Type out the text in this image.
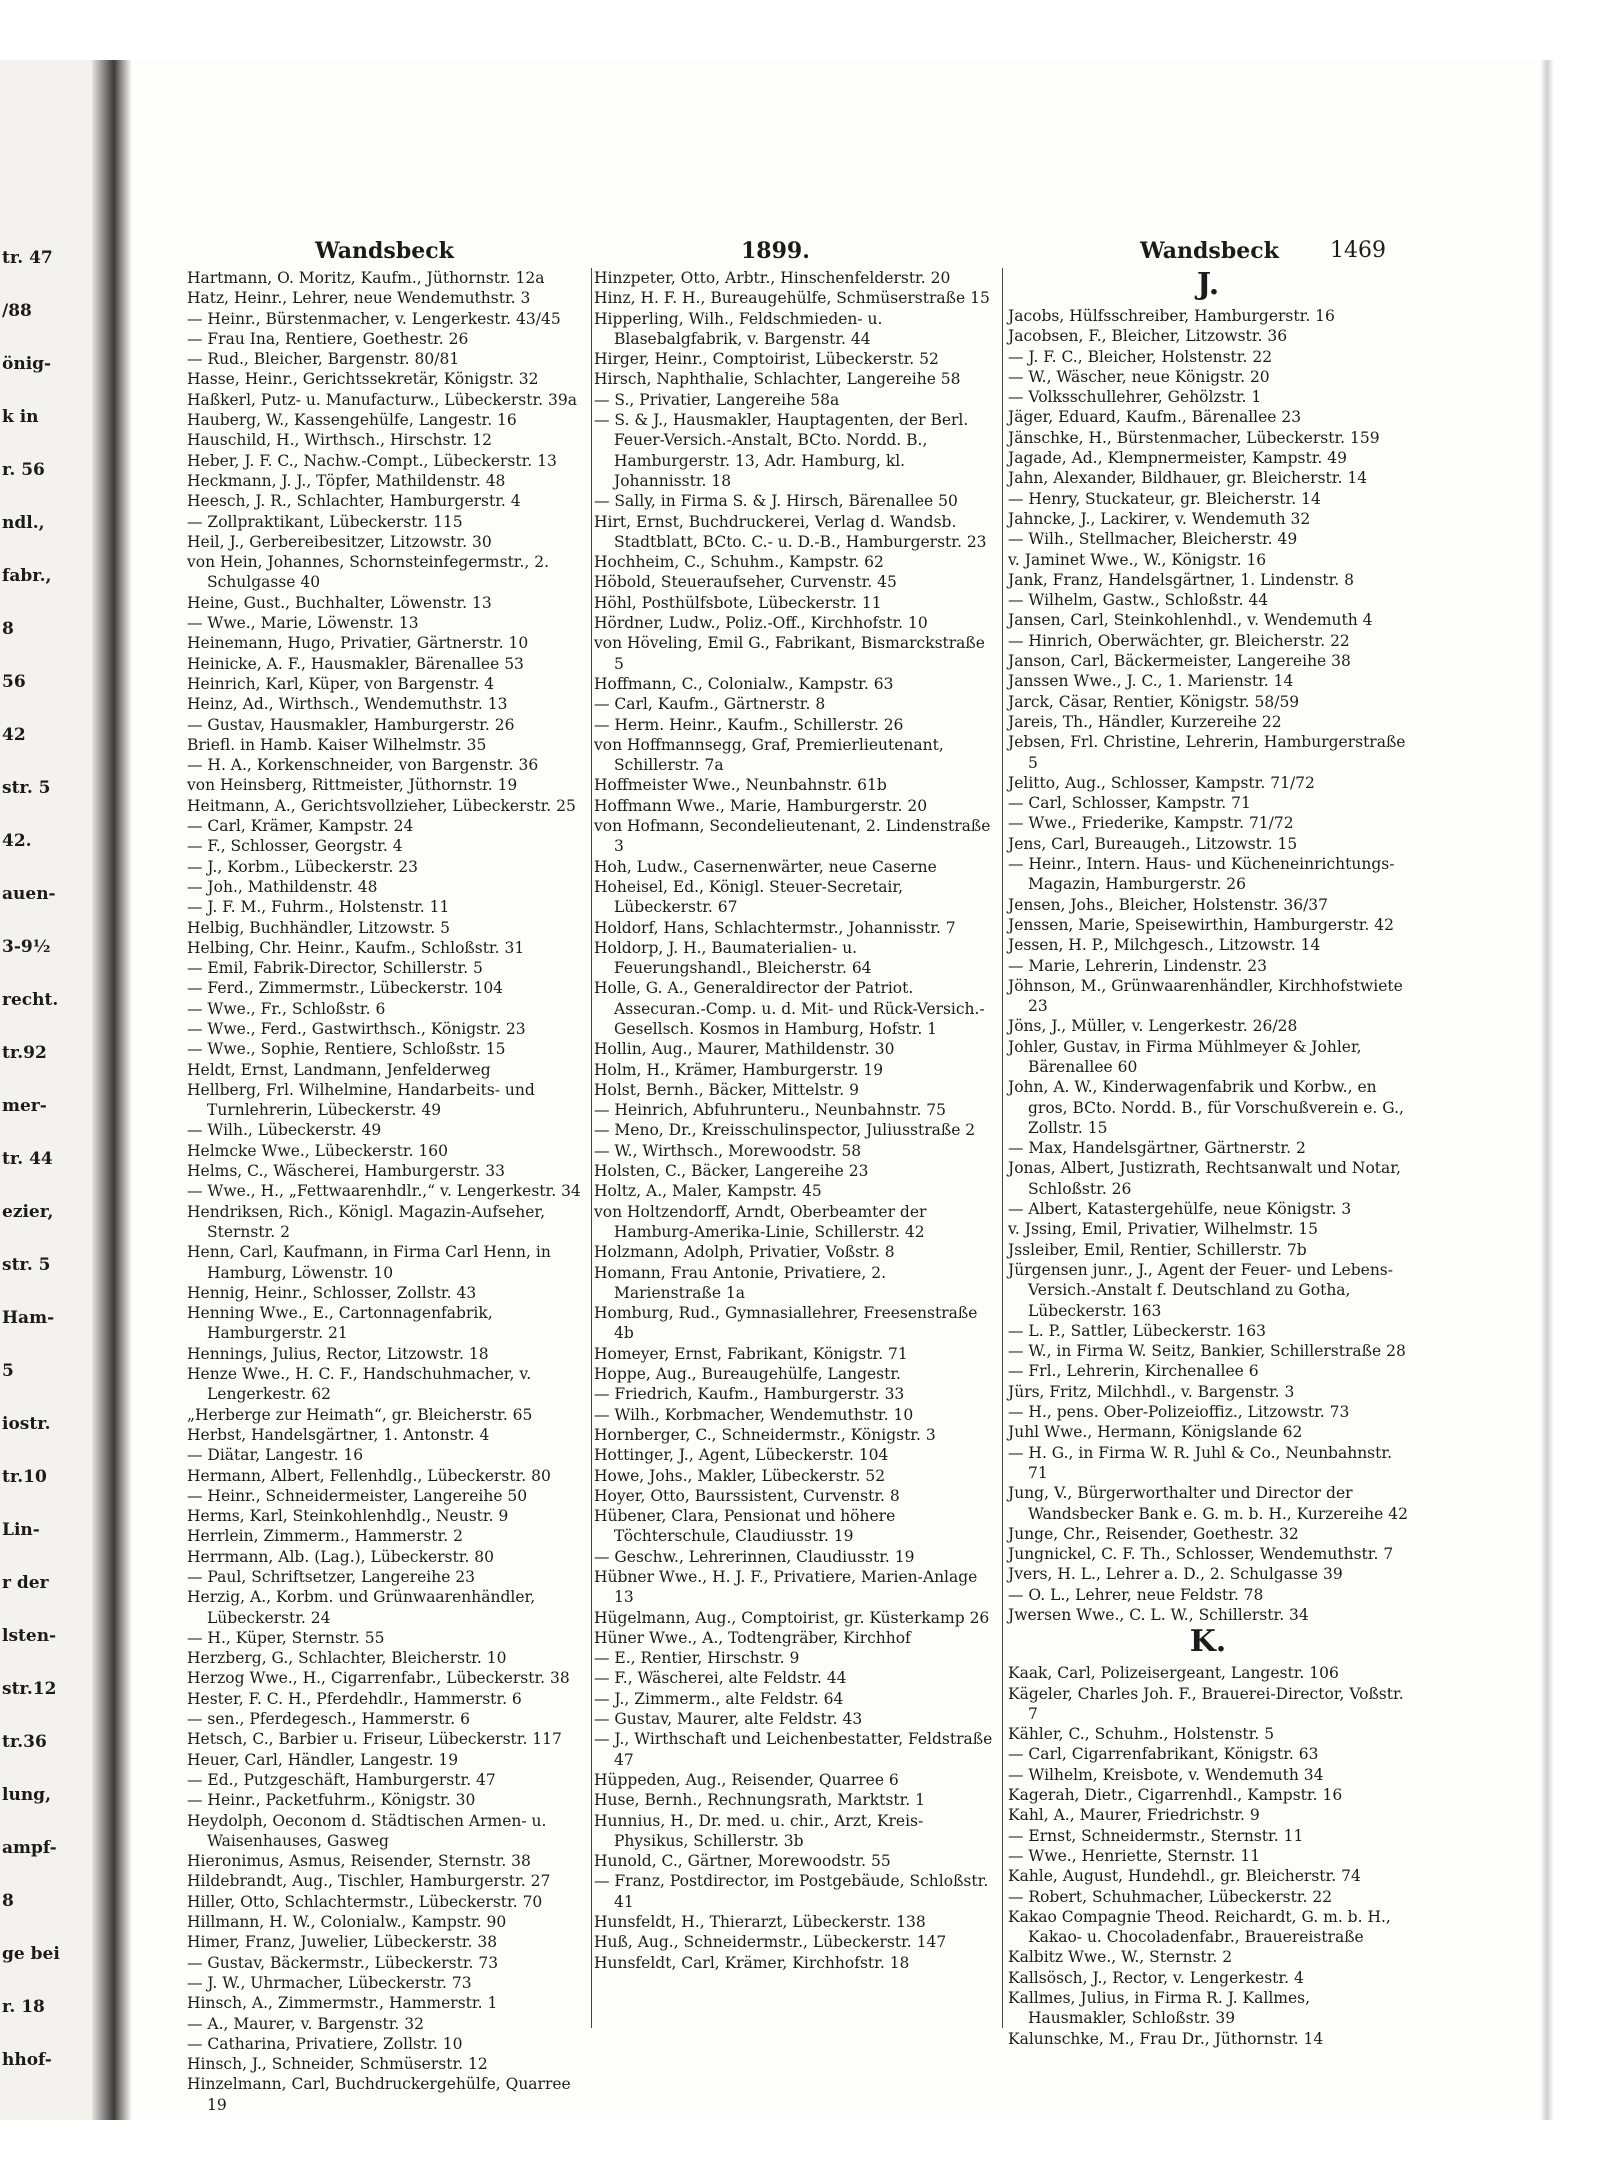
tr. 47
/88
önig-
k in
r. 56
ndl.,
fabr.,
8
56
42
str. 5
42.
auen-
3-9½
recht.
tr.92
mer-
tr. 44
ezier,
str. 5
Ham-
5
iostr.
tr.10
Lin-
r der
lsten-
str.12
tr.36
lung,
ampf-
8
ge bei
r. 18
hhof-
Wandsbeck	1899.	Wandsbeck 1469

Hartmann, O. Moritz, Kaufm., Jüthornstr. 12a

Hatz, Heinr., Lehrer, neue Wendemuthstr. 3

— Heinr., Bürstenmacher, v. Lengerkestr. 43/45

— Frau Ina, Rentiere, Goethestr. 26

— Rud., Bleicher, Bargenstr. 80/81

Hasse, Heinr., Gerichtssekretär, Königstr. 32

Haßkerl, Putz- u. Manufacturw., Lübeckerstr. 39a

Hauberg, W., Kassengehülfe, Langestr. 16

Hauschild, H., Wirthsch., Hirschstr. 12

Heber, J. F. C., Nachw.-Compt., Lübeckerstr. 13

Heckmann, J. J., Töpfer, Mathildenstr. 48

Heesch, J. R., Schlachter, Hamburgerstr. 4

— Zollpraktikant, Lübeckerstr. 115

Heil, J., Gerbereibesitzer, Litzowstr. 30

von Hein, Johannes, Schornsteinfegermstr., 2. Schulgasse 40

Heine, Gust., Buchhalter, Löwenstr. 13

— Wwe., Marie, Löwenstr. 13

Heinemann, Hugo, Privatier, Gärtnerstr. 10

Heinicke, A. F., Hausmakler, Bärenallee 53

Heinrich, Karl, Küper, von Bargenstr. 4

Heinz, Ad., Wirthsch., Wendemuthstr. 13

— Gustav, Hausmakler, Hamburgerstr. 26

Briefl. in Hamb. Kaiser Wilhelmstr. 35

— H. A., Korkenschneider, von Bargenstr. 36

von Heinsberg, Rittmeister, Jüthornstr. 19

Heitmann, A., Gerichtsvollzieher, Lübeckerstr. 25

— Carl, Krämer, Kampstr. 24

— F., Schlosser, Georgstr. 4

— J., Korbm., Lübeckerstr. 23

— Joh., Mathildenstr. 48

— J. F. M., Fuhrm., Holstenstr. 11

Helbig, Buchhändler, Litzowstr. 5

Helbing, Chr. Heinr., Kaufm., Schloßstr. 31

— Emil, Fabrik-Director, Schillerstr. 5

— Ferd., Zimmermstr., Lübeckerstr. 104

— Wwe., Fr., Schloßstr. 6

— Wwe., Ferd., Gastwirthsch., Königstr. 23

— Wwe., Sophie, Rentiere, Schloßstr. 15

Heldt, Ernst, Landmann, Jenfelderweg

Hellberg, Frl. Wilhelmine, Handarbeits- und Turnlehrerin, Lübeckerstr. 49

— Wilh., Lübeckerstr. 49

Helmcke Wwe., Lübeckerstr. 160

Helms, C., Wäscherei, Hamburgerstr. 33

— Wwe., H., „Fettwaarenhdlr.,“ v. Lengerkestr. 34

Hendriksen, Rich., Königl. Magazin-Aufseher, Sternstr. 2

Henn, Carl, Kaufmann, in Firma Carl Henn, in Hamburg, Löwenstr. 10

Hennig, Heinr., Schlosser, Zollstr. 43

Henning Wwe., E., Cartonnagenfabrik, Hamburgerstr. 21

Hennings, Julius, Rector, Litzowstr. 18

Henze Wwe., H. C. F., Handschuhmacher, v. Lengerkestr. 62

„Herberge zur Heimath“, gr. Bleicherstr. 65

Herbst, Handelsgärtner, 1. Antonstr. 4

— Diätar, Langestr. 16

Hermann, Albert, Fellenhdlg., Lübeckerstr. 80

— Heinr., Schneidermeister, Langereihe 50

Herms, Karl, Steinkohlenhdlg., Neustr. 9

Herrlein, Zimmerm., Hammerstr. 2

Herrmann, Alb. (Lag.), Lübeckerstr. 80

— Paul, Schriftsetzer, Langereihe 23

Herzig, A., Korbm. und Grünwaarenhändler, Lübeckerstr. 24

— H., Küper, Sternstr. 55

Herzberg, G., Schlachter, Bleicherstr. 10

Herzog Wwe., H., Cigarrenfabr., Lübeckerstr. 38

Hester, F. C. H., Pferdehdlr., Hammerstr. 6

— sen., Pferdegesch., Hammerstr. 6

Hetsch, C., Barbier u. Friseur, Lübeckerstr. 117

Heuer, Carl, Händler, Langestr. 19

— Ed., Putzgeschäft, Hamburgerstr. 47

— Heinr., Packetfuhrm., Königstr. 30

Heydolph, Oeconom d. Städtischen Armen- u. Waisenhauses, Gasweg

Hieronimus, Asmus, Reisender, Sternstr. 38

Hildebrandt, Aug., Tischler, Hamburgerstr. 27

Hiller, Otto, Schlachtermstr., Lübeckerstr. 70

Hillmann, H. W., Colonialw., Kampstr. 90

Himer, Franz, Juwelier, Lübeckerstr. 38

— Gustav, Bäckermstr., Lübeckerstr. 73

— J. W., Uhrmacher, Lübeckerstr. 73

Hinsch, A., Zimmermstr., Hammerstr. 1

— A., Maurer, v. Bargenstr. 32

— Catharina, Privatiere, Zollstr. 10

Hinsch, J., Schneider, Schmüserstr. 12

Hinzelmann, Carl, Buchdruckergehülfe, Quarree 19

Hinzpeter, Otto, Arbtr., Hinschenfelderstr. 20

Hinz, H. F. H., Bureaugehülfe, Schmüserstraße 15

Hipperling, Wilh., Feldschmieden- u. Blasebalgfabrik, v. Bargenstr. 44

Hirger, Heinr., Comptoirist, Lübeckerstr. 52

Hirsch, Naphthalie, Schlachter, Langereihe 58

— S., Privatier, Langereihe 58a

— S. & J., Hausmakler, Hauptagenten, der Berl. Feuer-Versich.-Anstalt, BCto. Nordd. B., Hamburgerstr. 13, Adr. Hamburg, kl. Johannisstr. 18

— Sally, in Firma S. & J. Hirsch, Bärenallee 50

Hirt, Ernst, Buchdruckerei, Verlag d. Wandsb. Stadtblatt, BCto. C.- u. D.-B., Hamburgerstr. 23

Hochheim, C., Schuhm., Kampstr. 62

Höbold, Steueraufseher, Curvenstr. 45

Höhl, Posthülfsbote, Lübeckerstr. 11

Hördner, Ludw., Poliz.-Off., Kirchhofstr. 10

von Höveling, Emil G., Fabrikant, Bismarckstraße 5

Hoffmann, C., Colonialw., Kampstr. 63

— Carl, Kaufm., Gärtnerstr. 8

— Herm. Heinr., Kaufm., Schillerstr. 26

von Hoffmannsegg, Graf, Premierlieutenant, Schillerstr. 7a

Hoffmeister Wwe., Neunbahnstr. 61b

Hoffmann Wwe., Marie, Hamburgerstr. 20

von Hofmann, Secondelieutenant, 2. Lindenstraße 3

Hoh, Ludw., Casernenwärter, neue Caserne

Hoheisel, Ed., Königl. Steuer-Secretair, Lübeckerstr. 67

Holdorf, Hans, Schlachtermstr., Johannisstr. 7

Holdorp, J. H., Baumaterialien- u. Feuerungshandl., Bleicherstr. 64

Holle, G. A., Generaldirector der Patriot. Assecuran.-Comp. u. d. Mit- und Rück-Versich.-Gesellsch. Kosmos in Hamburg, Hofstr. 1

Hollin, Aug., Maurer, Mathildenstr. 30

Holm, H., Krämer, Hamburgerstr. 19

Holst, Bernh., Bäcker, Mittelstr. 9

— Heinrich, Abfuhrunteru., Neunbahnstr. 75

— Meno, Dr., Kreisschulinspector, Juliusstraße 2

— W., Wirthsch., Morewoodstr. 58

Holsten, C., Bäcker, Langereihe 23

Holtz, A., Maler, Kampstr. 45

von Holtzendorff, Arndt, Oberbeamter der Hamburg-Amerika-Linie, Schillerstr. 42

Holzmann, Adolph, Privatier, Voßstr. 8

Homann, Frau Antonie, Privatiere, 2. Marienstraße 1a

Homburg, Rud., Gymnasiallehrer, Freesenstraße 4b

Homeyer, Ernst, Fabrikant, Königstr. 71

Hoppe, Aug., Bureaugehülfe, Langestr.

— Friedrich, Kaufm., Hamburgerstr. 33

— Wilh., Korbmacher, Wendemuthstr. 10

Hornberger, C., Schneidermstr., Königstr. 3

Hottinger, J., Agent, Lübeckerstr. 104

Howe, Johs., Makler, Lübeckerstr. 52

Hoyer, Otto, Baurssistent, Curvenstr. 8

Hübener, Clara, Pensionat und höhere Töchterschule, Claudiusstr. 19

— Geschw., Lehrerinnen, Claudiusstr. 19

Hübner Wwe., H. J. F., Privatiere, Marien-Anlage 13

Hügelmann, Aug., Comptoirist, gr. Küsterkamp 26

Hüner Wwe., A., Todtengräber, Kirchhof

— E., Rentier, Hirschstr. 9

— F., Wäscherei, alte Feldstr. 44

— J., Zimmerm., alte Feldstr. 64

— Gustav, Maurer, alte Feldstr. 43

— J., Wirthschaft und Leichenbestatter, Feldstraße 47

Hüppeden, Aug., Reisender, Quarree 6

Huse, Bernh., Rechnungsrath, Marktstr. 1

Hunnius, H., Dr. med. u. chir., Arzt, Kreis-Physikus, Schillerstr. 3b

Hunold, C., Gärtner, Morewoodstr. 55

— Franz, Postdirector, im Postgebäude, Schloßstr. 41

Hunsfeldt, H., Thierarzt, Lübeckerstr. 138

Huß, Aug., Schneidermstr., Lübeckerstr. 147

Hunsfeldt, Carl, Krämer, Kirchhofstr. 18

J.

Jacobs, Hülfsschreiber, Hamburgerstr. 16

Jacobsen, F., Bleicher, Litzowstr. 36

— J. F. C., Bleicher, Holstenstr. 22

— W., Wäscher, neue Königstr. 20

— Volksschullehrer, Gehölzstr. 1

Jäger, Eduard, Kaufm., Bärenallee 23

Jänschke, H., Bürstenmacher, Lübeckerstr. 159

Jagade, Ad., Klempnermeister, Kampstr. 49

Jahn, Alexander, Bildhauer, gr. Bleicherstr. 14

— Henry, Stuckateur, gr. Bleicherstr. 14

Jahncke, J., Lackirer, v. Wendemuth 32

— Wilh., Stellmacher, Bleicherstr. 49

v. Jaminet Wwe., W., Königstr. 16

Jank, Franz, Handelsgärtner, 1. Lindenstr. 8

— Wilhelm, Gastw., Schloßstr. 44

Jansen, Carl, Steinkohlenhdl., v. Wendemuth 4

— Hinrich, Oberwächter, gr. Bleicherstr. 22

Janson, Carl, Bäckermeister, Langereihe 38

Janssen Wwe., J. C., 1. Marienstr. 14

Jarck, Cäsar, Rentier, Königstr. 58/59

Jareis, Th., Händler, Kurzereihe 22

Jebsen, Frl. Christine, Lehrerin, Hamburgerstraße 5

Jelitto, Aug., Schlosser, Kampstr. 71/72

— Carl, Schlosser, Kampstr. 71

— Wwe., Friederike, Kampstr. 71/72

Jens, Carl, Bureaugeh., Litzowstr. 15

— Heinr., Intern. Haus- und Kücheneinrichtungs-Magazin, Hamburgerstr. 26

Jensen, Johs., Bleicher, Holstenstr. 36/37

Jenssen, Marie, Speisewirthin, Hamburgerstr. 42

Jessen, H. P., Milchgesch., Litzowstr. 14

— Marie, Lehrerin, Lindenstr. 23

Jöhnson, M., Grünwaarenhändler, Kirchhofstwiete 23

Jöns, J., Müller, v. Lengerkestr. 26/28

Johler, Gustav, in Firma Mühlmeyer & Johler, Bärenallee 60

John, A. W., Kinderwagenfabrik und Korbw., en gros, BCto. Nordd. B., für Vorschußverein e. G., Zollstr. 15

— Max, Handelsgärtner, Gärtnerstr. 2

Jonas, Albert, Justizrath, Rechtsanwalt und Notar, Schloßstr. 26

— Albert, Katastergehülfe, neue Königstr. 3

v. Jssing, Emil, Privatier, Wilhelmstr. 15

Jssleiber, Emil, Rentier, Schillerstr. 7b

Jürgensen junr., J., Agent der Feuer- und Lebens-Versich.-Anstalt f. Deutschland zu Gotha, Lübeckerstr. 163

— L. P., Sattler, Lübeckerstr. 163

— W., in Firma W. Seitz, Bankier, Schillerstraße 28

— Frl., Lehrerin, Kirchenallee 6

Jürs, Fritz, Milchhdl., v. Bargenstr. 3

— H., pens. Ober-Polizeioffiz., Litzowstr. 73

Juhl Wwe., Hermann, Königslande 62

— H. G., in Firma W. R. Juhl & Co., Neunbahnstr. 71

Jung, V., Bürgerworthalter und Director der Wandsbecker Bank e. G. m. b. H., Kurzereihe 42

Junge, Chr., Reisender, Goethestr. 32

Jungnickel, C. F. Th., Schlosser, Wendemuthstr. 7

Jvers, H. L., Lehrer a. D., 2. Schulgasse 39

— O. L., Lehrer, neue Feldstr. 78

Jwersen Wwe., C. L. W., Schillerstr. 34

K.

Kaak, Carl, Polizeisergeant, Langestr. 106

Kägeler, Charles Joh. F., Brauerei-Director, Voßstr. 7

Kähler, C., Schuhm., Holstenstr. 5

— Carl, Cigarrenfabrikant, Königstr. 63

— Wilhelm, Kreisbote, v. Wendemuth 34

Kagerah, Dietr., Cigarrenhdl., Kampstr. 16

Kahl, A., Maurer, Friedrichstr. 9

— Ernst, Schneidermstr., Sternstr. 11

— Wwe., Henriette, Sternstr. 11

Kahle, August, Hundehdl., gr. Bleicherstr. 74

— Robert, Schuhmacher, Lübeckerstr. 22

Kakao Compagnie Theod. Reichardt, G. m. b. H., Kakao- u. Chocoladenfabr., Brauereistraße

Kalbitz Wwe., W., Sternstr. 2

Kallsösch, J., Rector, v. Lengerkestr. 4

Kallmes, Julius, in Firma R. J. Kallmes, Hausmakler, Schloßstr. 39

Kalunschke, M., Frau Dr., Jüthornstr. 14
